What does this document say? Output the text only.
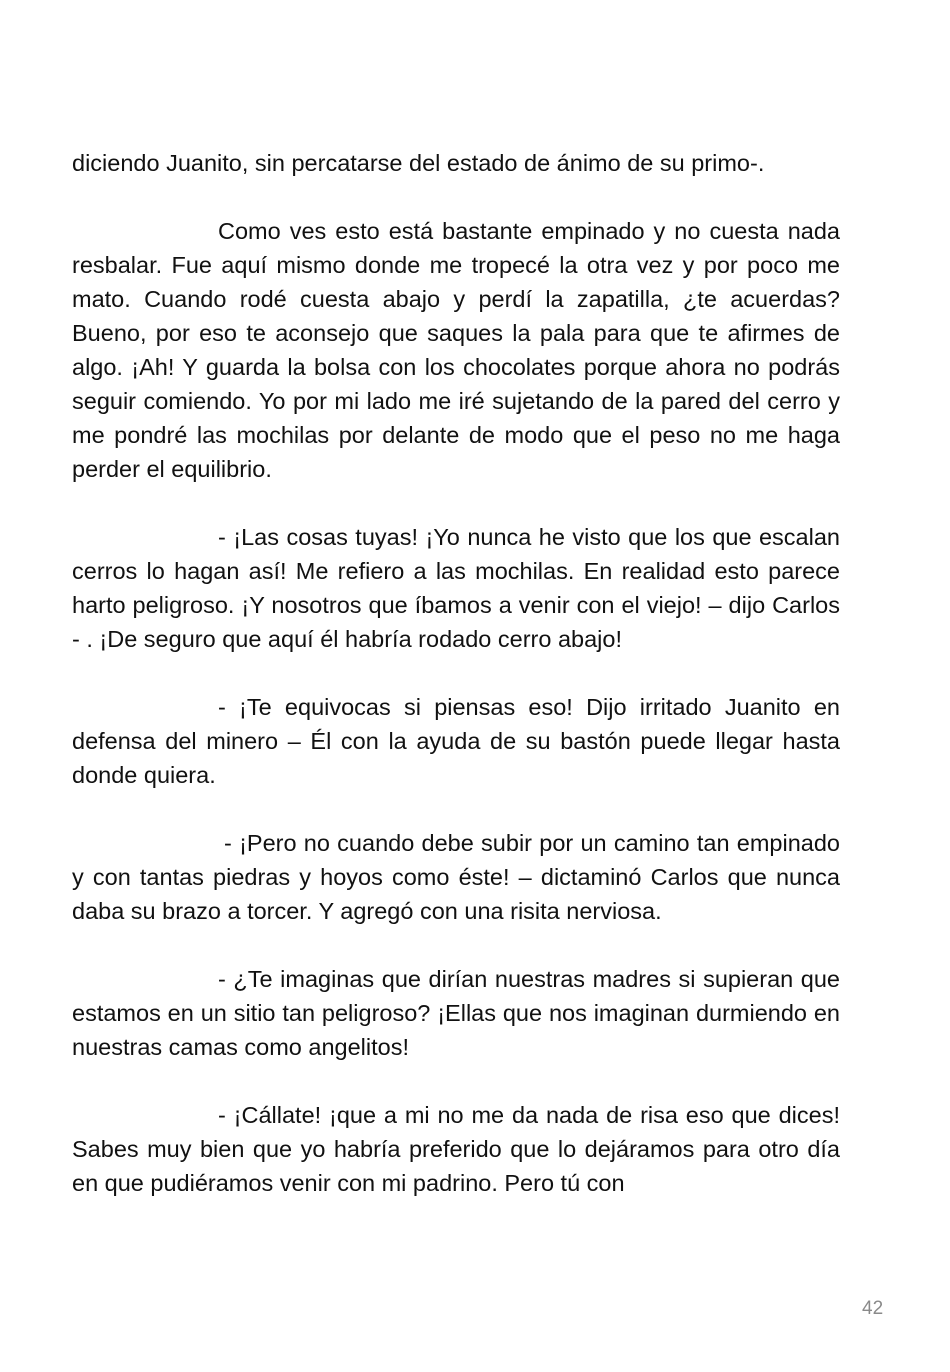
diciendo Juanito, sin percatarse del estado de ánimo de su primo-.

Como ves esto está bastante empinado y no cuesta nada resbalar. Fue aquí mismo donde me tropecé la otra vez y por poco me mato. Cuando rodé cuesta abajo y perdí la zapatilla, ¿te acuerdas? Bueno, por eso te aconsejo que saques la pala para que te afirmes de algo. ¡Ah! Y guarda la bolsa con los chocolates porque ahora no podrás seguir comiendo. Yo por mi lado me iré sujetando de la pared del cerro y me pondré las mochilas por delante de modo que el peso no me haga perder el equilibrio.

- ¡Las cosas tuyas! ¡Yo nunca he visto que los que escalan cerros lo hagan así! Me refiero a las mochilas. En realidad esto parece harto peligroso. ¡Y nosotros que íbamos a venir con el viejo! – dijo Carlos - . ¡De seguro que aquí él habría rodado cerro abajo!

- ¡Te equivocas si piensas eso! Dijo irritado Juanito en defensa del minero – Él con la ayuda de su bastón puede llegar hasta donde quiera.

- ¡Pero no cuando debe subir por un camino tan empinado y con tantas piedras y hoyos como éste! – dictaminó Carlos que nunca daba su brazo a torcer. Y agregó con una risita nerviosa.

- ¿Te imaginas que dirían nuestras madres si supieran que estamos en un sitio tan peligroso? ¡Ellas que nos imaginan durmiendo en nuestras camas como angelitos!

- ¡Cállate! ¡que a mi no me da nada de risa eso que dices! Sabes muy bien que yo habría preferido que lo dejáramos para otro día en que pudiéramos venir con mi padrino. Pero tú con

42
